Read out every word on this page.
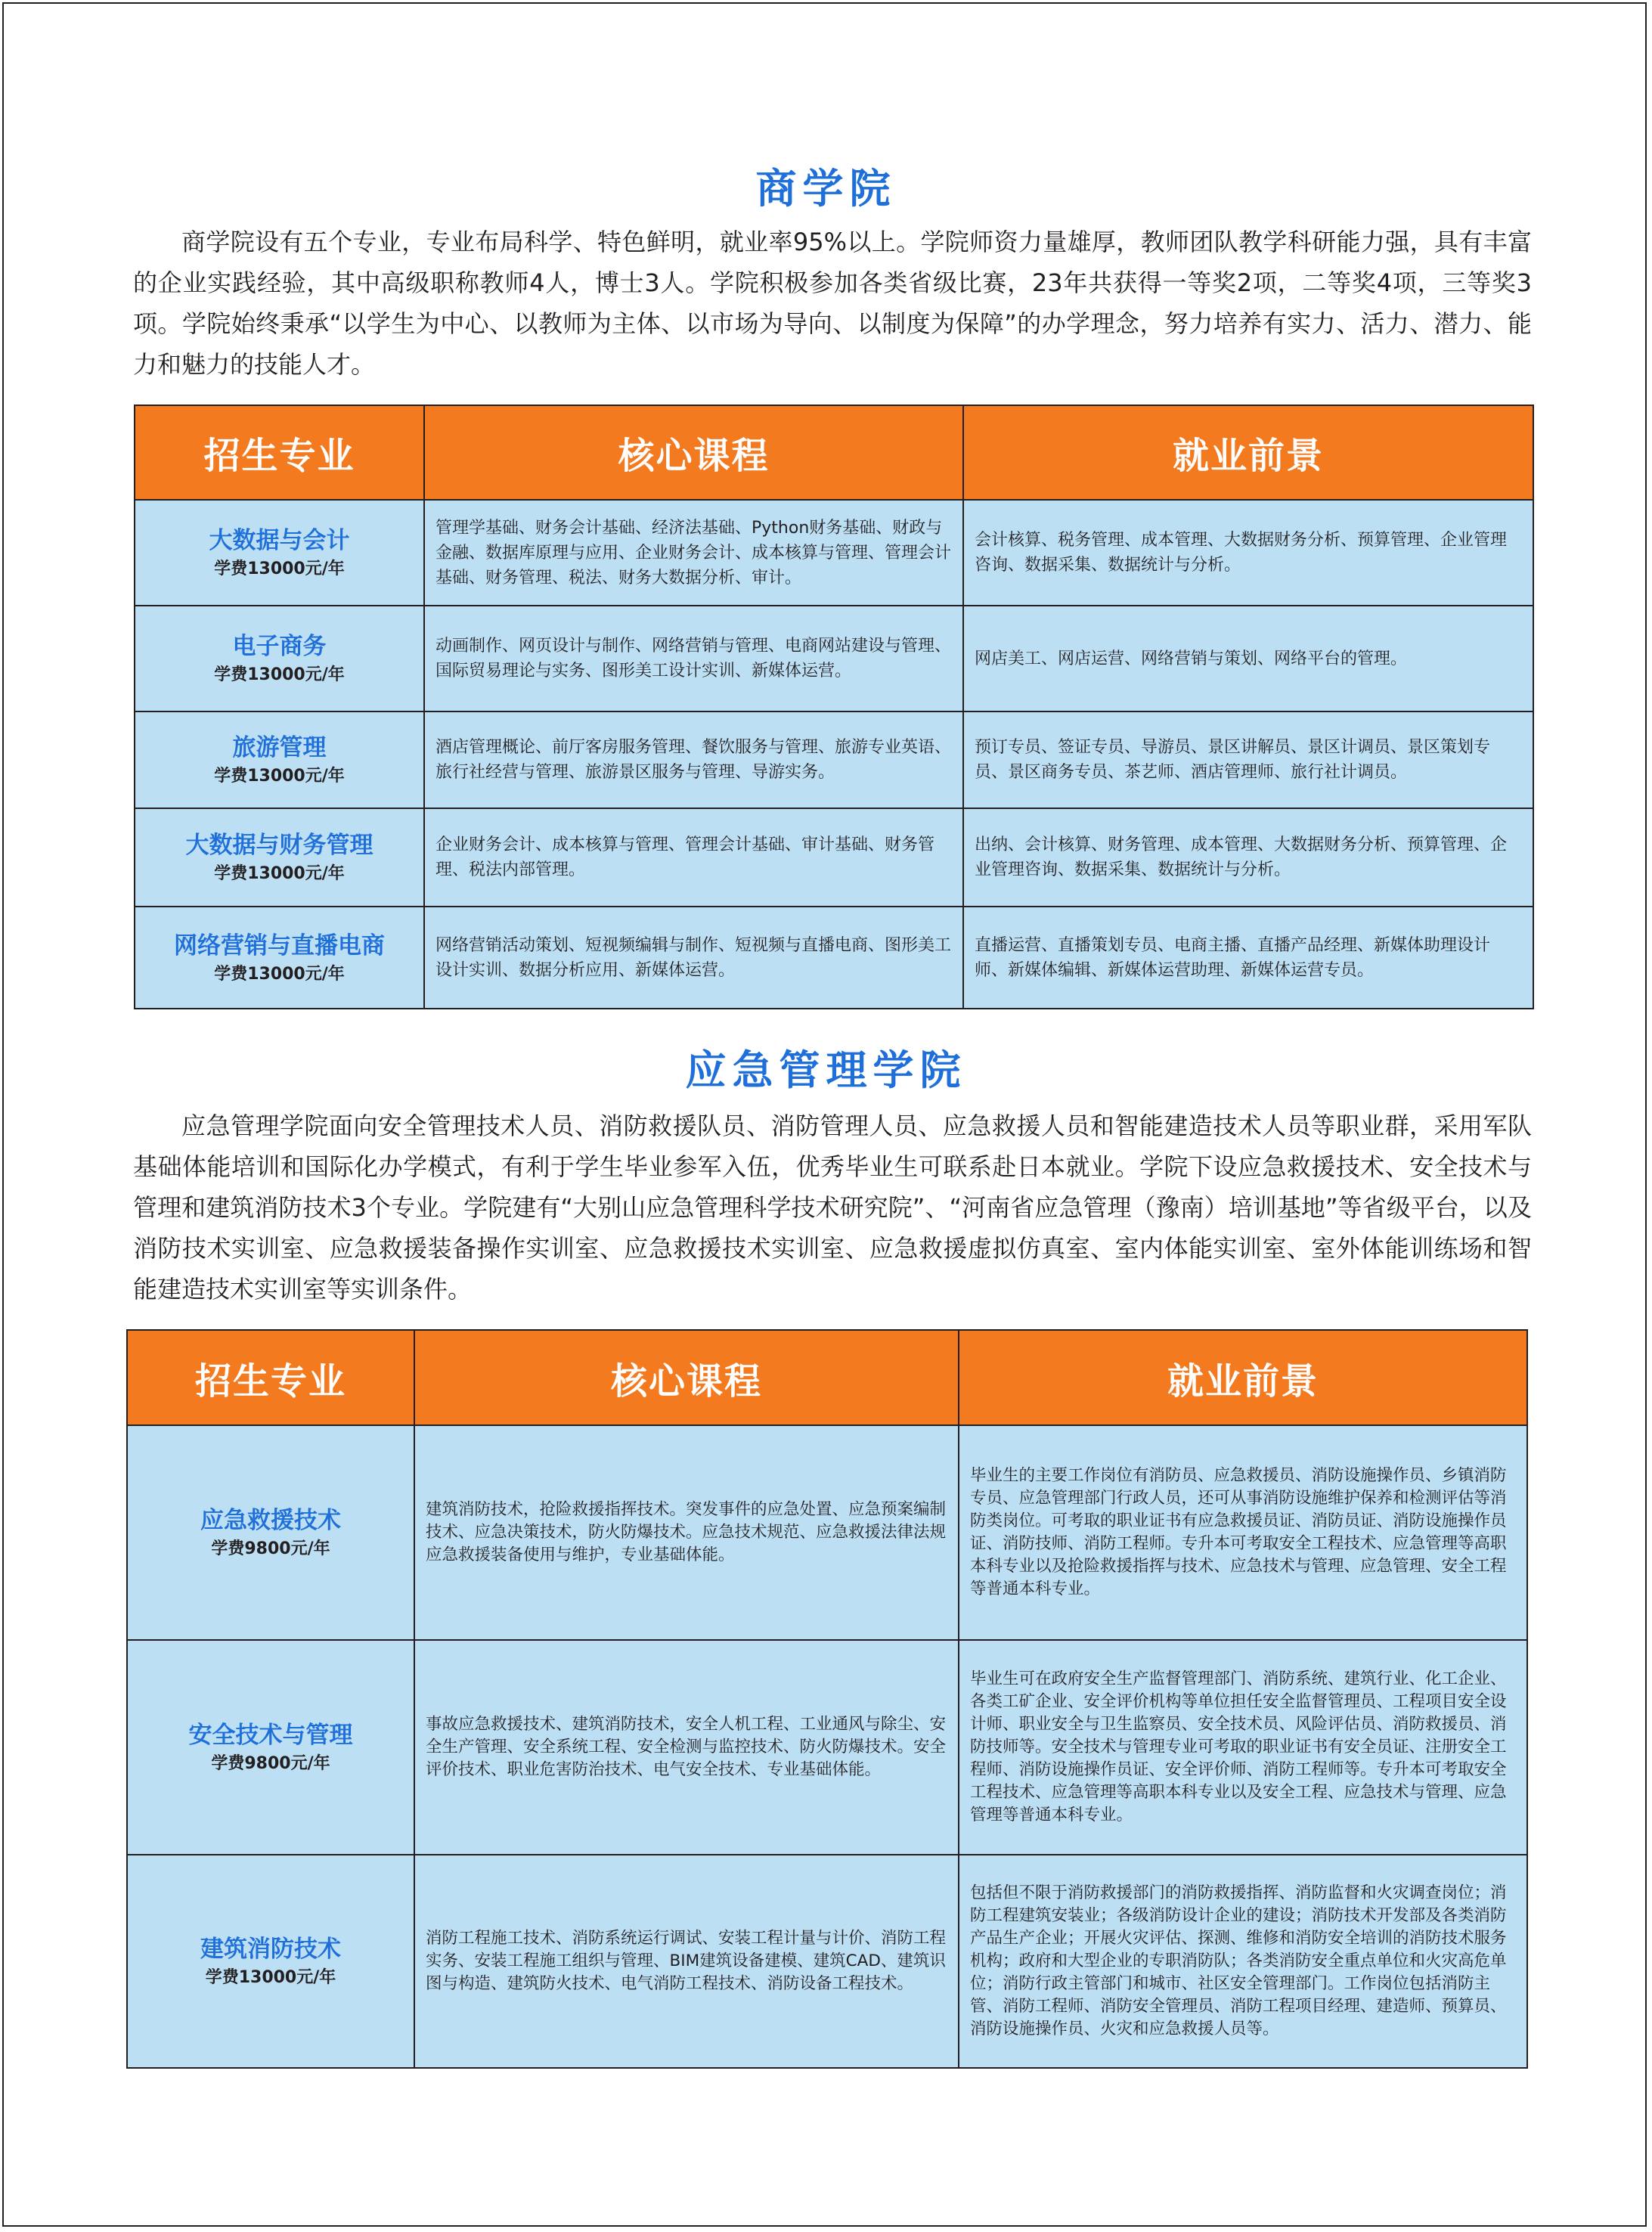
商学院

商学院设有五个专业，专业布局科学、特色鲜明，就业率95%以上。学院师资力量雄厚，教师团队教学科研能力强，具有丰富的企业实践经验，其中高级职称教师4人，博士3人。学院积极参加各类省级比赛，23年共获得一等奖2项，二等奖4项，三等奖3项。学院始终秉承“以学生为中心、以教师为主体、以市场为导向、以制度为保障”的办学理念，努力培养有实力、活力、潜力、能力和魅力的技能人才。

招生专业	核心课程	就业前景

大数据与会计
学费13000元/年	管理学基础、财务会计基础、经济法基础、Python财务基础、财政与金融、数据库原理与应用、企业财务会计、成本核算与管理、管理会计基础、财务管理、税法、财务大数据分析、审计。	会计核算、税务管理、成本管理、大数据财务分析、预算管理、企业管理咨询、数据采集、数据统计与分析。

电子商务
学费13000元/年	动画制作、网页设计与制作、网络营销与管理、电商网站建设与管理、国际贸易理论与实务、图形美工设计实训、新媒体运营。	网店美工、网店运营、网络营销与策划、网络平台的管理。

旅游管理
学费13000元/年	酒店管理概论、前厅客房服务管理、餐饮服务与管理、旅游专业英语、旅行社经营与管理、旅游景区服务与管理、导游实务。	预订专员、签证专员、导游员、景区讲解员、景区计调员、景区策划专员、景区商务专员、茶艺师、酒店管理师、旅行社计调员。

大数据与财务管理
学费13000元/年	企业财务会计、成本核算与管理、管理会计基础、审计基础、财务管理、税法内部管理。	出纳、会计核算、财务管理、成本管理、大数据财务分析、预算管理、企业管理咨询、数据采集、数据统计与分析。

网络营销与直播电商
学费13000元/年	网络营销活动策划、短视频编辑与制作、短视频与直播电商、图形美工设计实训、数据分析应用、新媒体运营。	直播运营、直播策划专员、电商主播、直播产品经理、新媒体助理设计师、新媒体编辑、新媒体运营助理、新媒体运营专员。
应急管理学院

应急管理学院面向安全管理技术人员、消防救援队员、消防管理人员、应急救援人员和智能建造技术人员等职业群，采用军队基础体能培训和国际化办学模式，有利于学生毕业参军入伍，优秀毕业生可联系赴日本就业。学院下设应急救援技术、安全技术与管理和建筑消防技术3个专业。学院建有“大别山应急管理科学技术研究院”、“河南省应急管理（豫南）培训基地”等省级平台，以及消防技术实训室、应急救援装备操作实训室、应急救援技术实训室、应急救援虚拟仿真室、室内体能实训室、室外体能训练场和智能建造技术实训室等实训条件。

招生专业	核心课程	就业前景

应急救援技术
学费9800元/年	建筑消防技术，抢险救援指挥技术。突发事件的应急处置、应急预案编制技术、应急决策技术，防火防爆技术。应急技术规范、应急救援法律法规应急救援装备使用与维护，专业基础体能。	毕业生的主要工作岗位有消防员、应急救援员、消防设施操作员、乡镇消防专员、应急管理部门行政人员，还可从事消防设施维护保养和检测评估等消防类岗位。可考取的职业证书有应急救援员证、消防员证、消防设施操作员证、消防技师、消防工程师。专升本可考取安全工程技术、应急管理等高职本科专业以及抢险救援指挥与技术、应急技术与管理、应急管理、安全工程等普通本科专业。

安全技术与管理
学费9800元/年	事故应急救援技术、建筑消防技术，安全人机工程、工业通风与除尘、安全生产管理、安全系统工程、安全检测与监控技术、防火防爆技术。安全评价技术、职业危害防治技术、电气安全技术、专业基础体能。	毕业生可在政府安全生产监督管理部门、消防系统、建筑行业、化工企业、各类工矿企业、安全评价机构等单位担任安全监督管理员、工程项目安全设计师、职业安全与卫生监察员、安全技术员、风险评估员、消防救援员、消防技师等。安全技术与管理专业可考取的职业证书有安全员证、注册安全工程师、消防设施操作员证、安全评价师、消防工程师等。专升本可考取安全工程技术、应急管理等高职本科专业以及安全工程、应急技术与管理、应急管理等普通本科专业。

建筑消防技术
学费13000元/年	消防工程施工技术、消防系统运行调试、安装工程计量与计价、消防工程实务、安装工程施工组织与管理、BIM建筑设备建模、建筑CAD、建筑识图与构造、建筑防火技术、电气消防工程技术、消防设备工程技术。	包括但不限于消防救援部门的消防救援指挥、消防监督和火灾调查岗位；消防工程建筑安装业；各级消防设计企业的建设；消防技术开发部及各类消防产品生产企业；开展火灾评估、探测、维修和消防安全培训的消防技术服务机构；政府和大型企业的专职消防队；各类消防安全重点单位和火灾高危单位；消防行政主管部门和城市、社区安全管理部门。工作岗位包括消防主管、消防工程师、消防安全管理员、消防工程项目经理、建造师、预算员、消防设施操作员、火灾和应急救援人员等。
